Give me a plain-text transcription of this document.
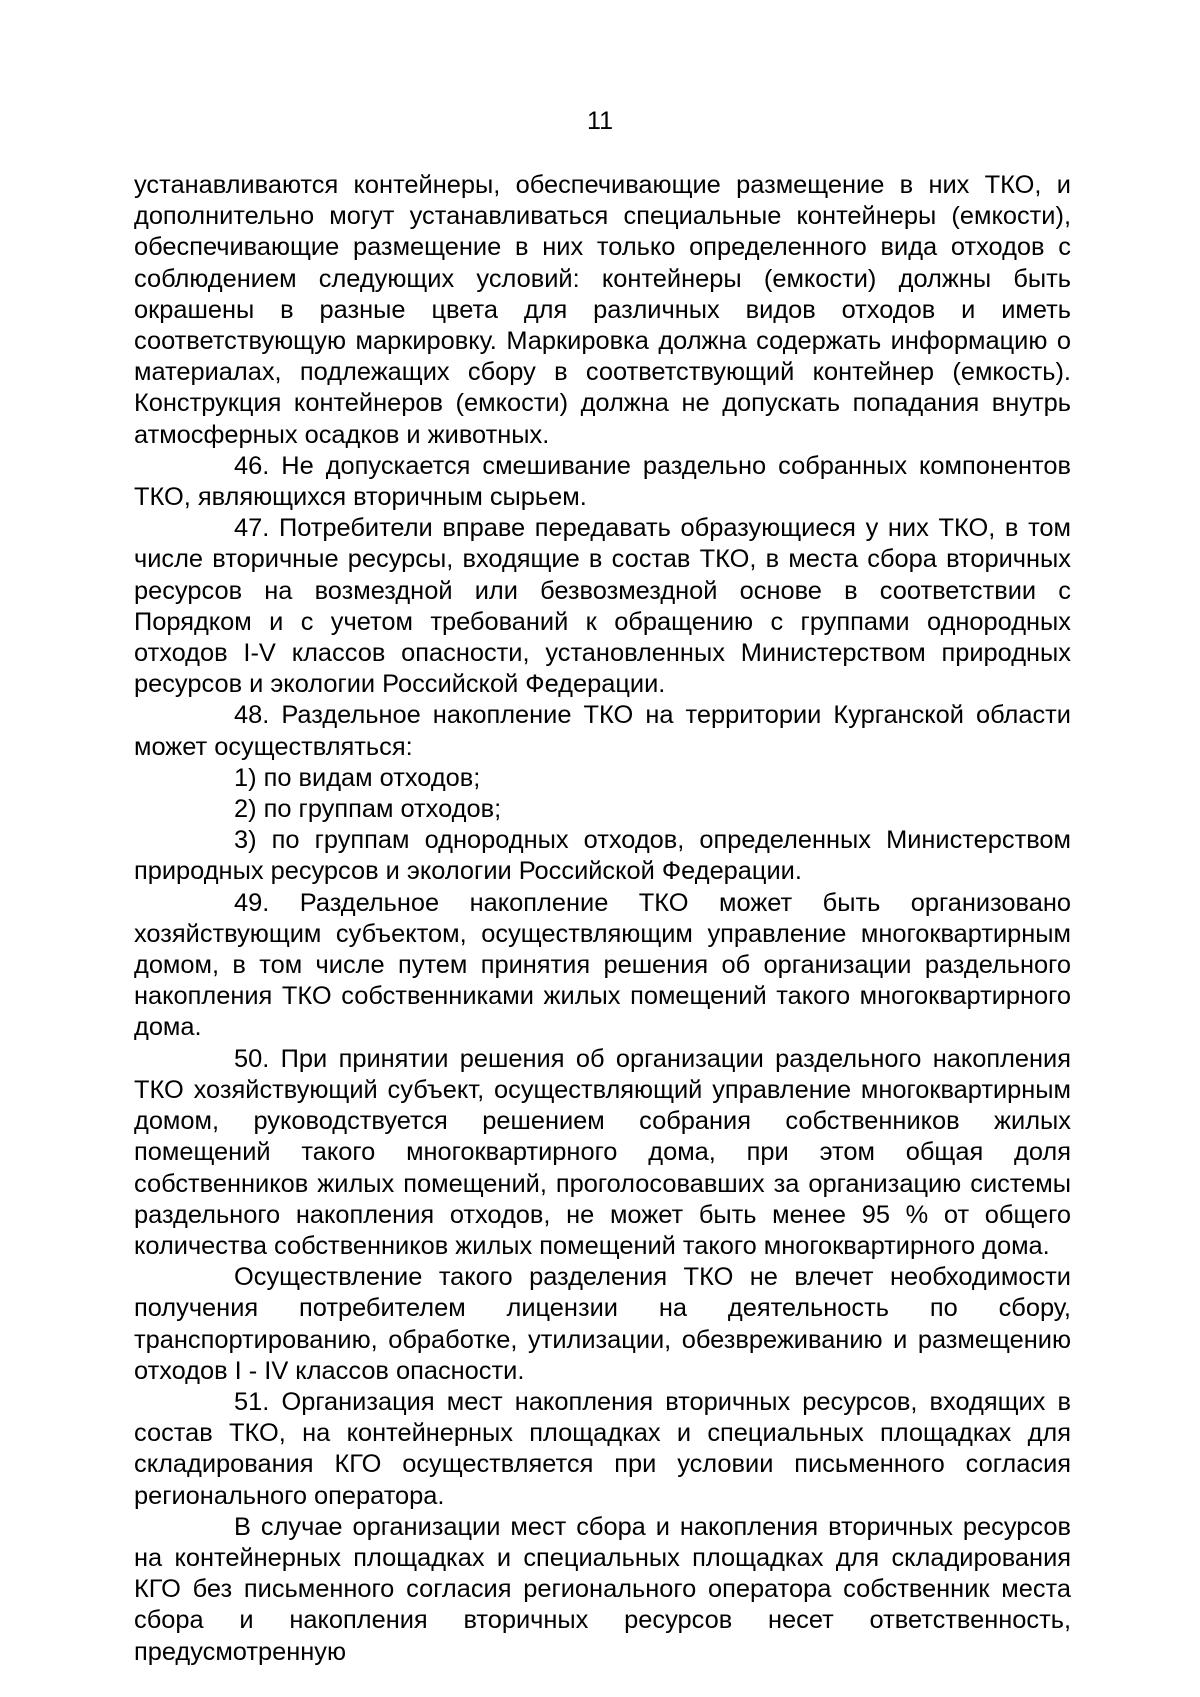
11

устанавливаются контейнеры, обеспечивающие размещение в них ТКО, и дополнительно могут устанавливаться специальные контейнеры (емкости), обеспечивающие размещение в них только определенного вида отходов с соблюдением следующих условий: контейнеры (емкости) должны быть окрашены в разные цвета для различных видов отходов и иметь соответствующую маркировку. Маркировка должна содержать информацию о материалах, подлежащих сбору в соответствующий контейнер (емкость). Конструкция контейнеров (емкости) должна не допускать попадания внутрь атмосферных осадков и животных.

46. Не допускается смешивание раздельно собранных компонентов ТКО, являющихся вторичным сырьем.

47. Потребители вправе передавать образующиеся у них ТКО, в том числе вторичные ресурсы, входящие в состав ТКО, в места сбора вторичных ресурсов на возмездной или безвозмездной основе в соответствии с Порядком и с учетом требований к обращению с группами однородных отходов I-V классов опасности, установленных Министерством природных ресурсов и экологии Российской Федерации.

48. Раздельное накопление ТКО на территории Курганской области может осуществляться:

1) по видам отходов;

2) по группам отходов;

3) по группам однородных отходов, определенных Министерством природных ресурсов и экологии Российской Федерации.

49. Раздельное накопление ТКО может быть организовано хозяйствующим субъектом, осуществляющим управление многоквартирным домом, в том числе путем принятия решения об организации раздельного накопления ТКО собственниками жилых помещений такого многоквартирного дома.

50. При принятии решения об организации раздельного накопления ТКО хозяйствующий субъект, осуществляющий управление многоквартирным домом, руководствуется решением собрания собственников жилых помещений такого многоквартирного дома, при этом общая доля собственников жилых помещений, проголосовавших за организацию системы раздельного накопления отходов, не может быть менее 95 % от общего количества собственников жилых помещений такого многоквартирного дома.

Осуществление такого разделения ТКО не влечет необходимости получения потребителем лицензии на деятельность по сбору, транспортированию, обработке, утилизации, обезвреживанию и размещению отходов I - IV классов опасности.

51. Организация мест накопления вторичных ресурсов, входящих в состав ТКО, на контейнерных площадках и специальных площадках для складирования КГО осуществляется при условии письменного согласия регионального оператора.

В случае организации мест сбора и накопления вторичных ресурсов на контейнерных площадках и специальных площадках для складирования КГО без письменного согласия регионального оператора собственник места сбора и накопления вторичных ресурсов несет ответственность, предусмотренную
